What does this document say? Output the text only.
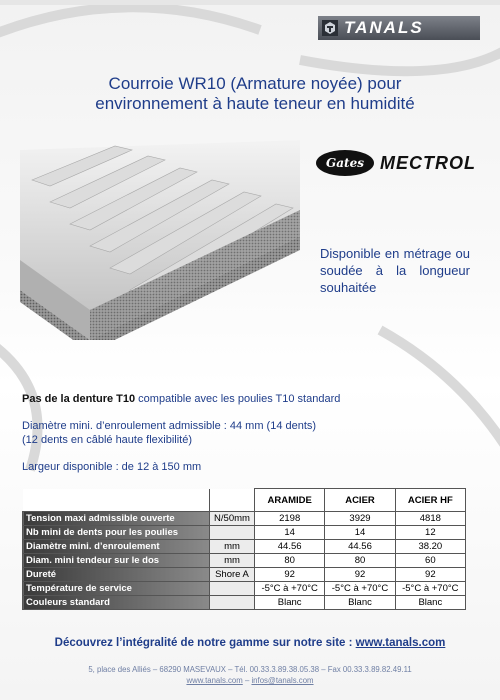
TANALS
Courroie WR10 (Armature noyée) pour
environnement à haute teneur en humidité
Gates MECTROL

Disponible en métrage ou soudée à la longueur souhaitée

Pas de la denture T10 compatible avec les poulies T10 standard

Diamètre mini. d’enroulement admissible : 44 mm (14 dents)
(12 dents en câblé haute flexibilité)

Largeur disponible : de 12 à 150 mm

		ARAMIDE	ACIER	ACIER HF
Tension maxi admissible ouverte	N/50mm	2198	3929	4818
Nb mini de dents pour les poulies		14	14	12
Diamètre mini. d’enroulement	mm	44.56	44.56	38.20
Diam. mini tendeur sur le dos	mm	80	80	60
Dureté	Shore A	92	92	92
Température de service		-5°C à +70°C	-5°C à +70°C	-5°C à +70°C
Couleurs standard		Blanc	Blanc	Blanc

Découvrez l’intégralité de notre gamme sur notre site : www.tanals.com

5, place des Alliés – 68290 MASEVAUX – Tél. 00.33.3.89.38.05.38 – Fax 00.33.3.89.82.49.11
www.tanals.com – infos@tanals.com
